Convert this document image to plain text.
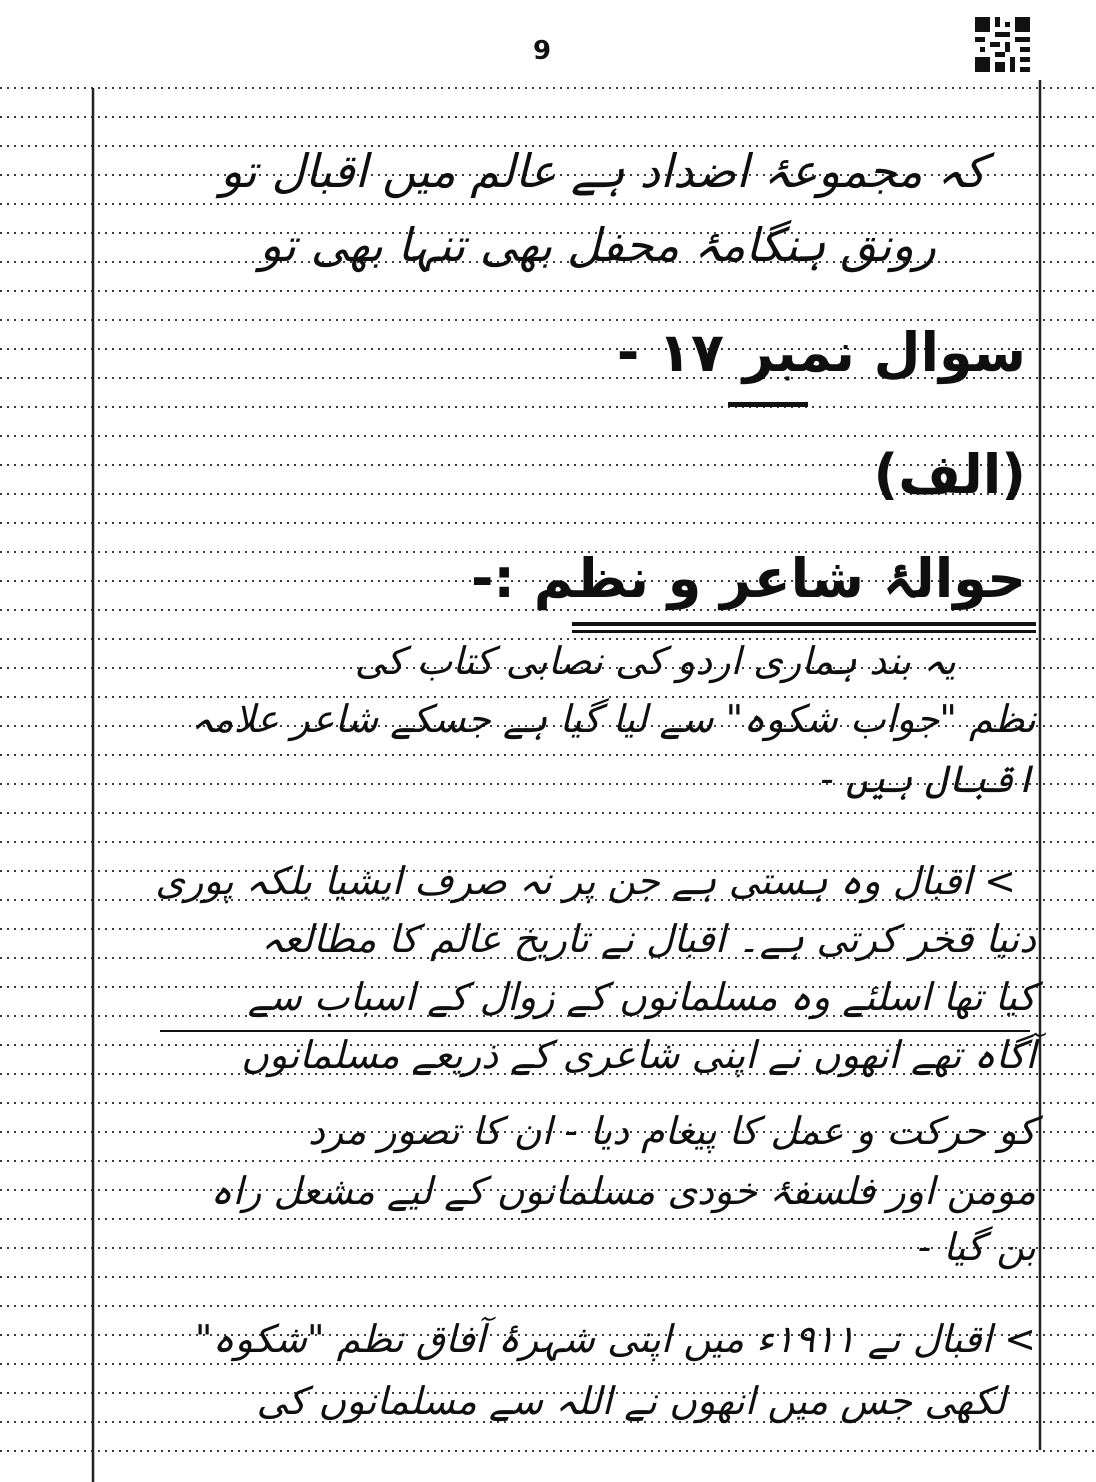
9
کہ مجموعۂ اضداد ہے عالم میں اقبال تو
رونق ہنگامۂ محفل بھی تنہا بھی تو
سوال نمبر ۱۷ -
(الف)
حوالۂ شاعر و نظم :-
یہ بند ہماری اردو کی نصابی کتاب کی
نظم "جواب شکوہ" سے لیا گیا ہے جسکے شاعر علامہ
اقبال ہیں -
> اقبال وہ ہستی ہے جن پر نہ صرف ایشیا بلکہ پوری
دنیا فخر کرتی ہے۔ اقبال نے تاریخ عالم کا مطالعہ
کیا تھا اسلئے وہ مسلمانوں کے زوال کے اسباب سے
آگاہ تھے انھوں نے اپنی شاعری کے ذریعے مسلمانوں
کو حرکت و عمل کا پیغام دیا - ان کا تصور مرد
مومن اور فلسفۂ خودی مسلمانوں کے لیے مشعل راہ
بن گیا -
> اقبال نے ۱۹۱۱ء میں اپنی شہرۂ آفاق نظم "شکوہ"
لکھی جس میں انھوں نے اللہ سے مسلمانوں کی
